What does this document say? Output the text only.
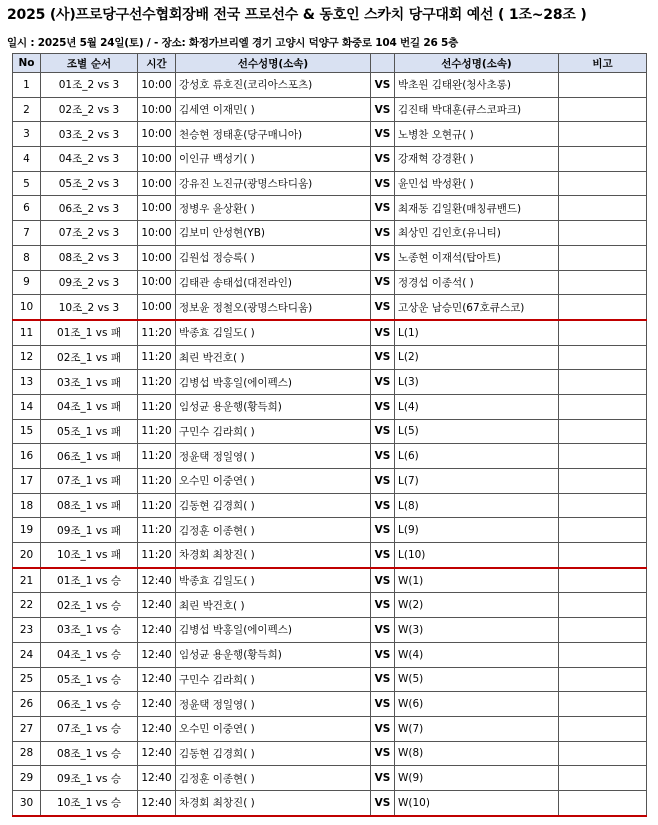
2025 (사)프로당구선수협회장배 전국 프로선수 & 동호인 스카치 당구대회 예선 ( 1조~28조 )
일시 : 2025년 5월 24일(토) / - 장소: 화정가브리엘 경기 고양시 덕양구 화중로 104 번길 26 5층
No	조별 순서	시간	선수성명(소속)		선수성명(소속)	비고
1	01조_2 vs 3	10:00	강성호 류호진(코리아스포츠)	VS	박초원 김태완(청사초롱)	
2	02조_2 vs 3	10:00	김세연 이재민( )	VS	김진태 박대훈(큐스코파크)	
3	03조_2 vs 3	10:00	천승현 정태훈(당구매니아)	VS	노병찬 오현규( )	
4	04조_2 vs 3	10:00	이인규 백성기( )	VS	강재혁 강경환( )	
5	05조_2 vs 3	10:00	강유진 노진규(광명스타디움)	VS	윤민섭 박성환( )	
6	06조_2 vs 3	10:00	정병우 윤상환( )	VS	최재동 김일환(매칭큐밴드)	
7	07조_2 vs 3	10:00	김보미 안성현(YB)	VS	최상민 김인호(유니티)	
8	08조_2 vs 3	10:00	김원섭 정승록( )	VS	노종현 이재석(탑아트)	
9	09조_2 vs 3	10:00	김태관 송태섭(대전라인)	VS	정경섭 이종석( )	
10	10조_2 vs 3	10:00	정보윤 정철오(광명스타디움)	VS	고상운 남승민(67호큐스코)	
11	01조_1 vs 패	11:20	박종효 김일도( )	VS	L(1)	
12	02조_1 vs 패	11:20	최린 박건호( )	VS	L(2)	
13	03조_1 vs 패	11:20	김병섭 박홍일(에이펙스)	VS	L(3)	
14	04조_1 vs 패	11:20	임성균 용운행(황득희)	VS	L(4)	
15	05조_1 vs 패	11:20	구민수 김라희( )	VS	L(5)	
16	06조_1 vs 패	11:20	정윤택 정일영( )	VS	L(6)	
17	07조_1 vs 패	11:20	오수민 이중연( )	VS	L(7)	
18	08조_1 vs 패	11:20	김동현 김경희( )	VS	L(8)	
19	09조_1 vs 패	11:20	김정훈 이종현( )	VS	L(9)	
20	10조_1 vs 패	11:20	차경회 최창진( )	VS	L(10)	
21	01조_1 vs 승	12:40	박종효 김일도( )	VS	W(1)	
22	02조_1 vs 승	12:40	최린 박건호( )	VS	W(2)	
23	03조_1 vs 승	12:40	김병섭 박홍일(에이펙스)	VS	W(3)	
24	04조_1 vs 승	12:40	임성균 용운행(황득희)	VS	W(4)	
25	05조_1 vs 승	12:40	구민수 김라희( )	VS	W(5)	
26	06조_1 vs 승	12:40	정윤택 정일영( )	VS	W(6)	
27	07조_1 vs 승	12:40	오수민 이중연( )	VS	W(7)	
28	08조_1 vs 승	12:40	김동현 김경희( )	VS	W(8)	
29	09조_1 vs 승	12:40	김정훈 이종현( )	VS	W(9)	
30	10조_1 vs 승	12:40	차경회 최창진( )	VS	W(10)	
